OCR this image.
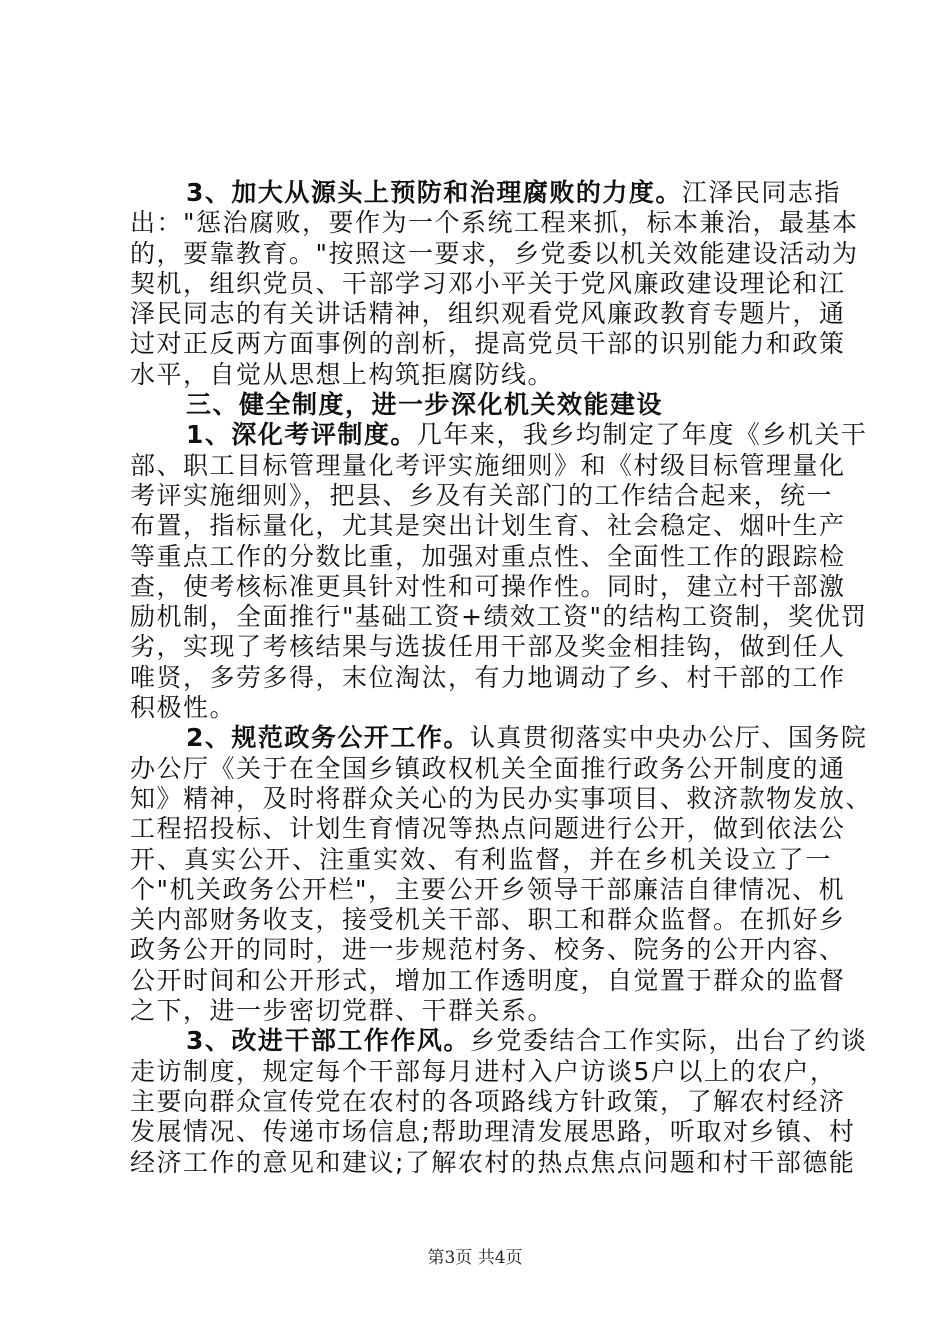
3、加大从源头上预防和治理腐败的力度。江泽民同志指
出："惩治腐败，要作为一个系统工程来抓，标本兼治，最基本
的，要靠教育。"按照这一要求，乡党委以机关效能建设活动为
契机，组织党员、干部学习邓小平关于党风廉政建设理论和江
泽民同志的有关讲话精神，组织观看党风廉政教育专题片，通
过对正反两方面事例的剖析，提高党员干部的识别能力和政策
水平，自觉从思想上构筑拒腐防线。
三、健全制度，进一步深化机关效能建设
1、深化考评制度。几年来，我乡均制定了年度《乡机关干
部、职工目标管理量化考评实施细则》和《村级目标管理量化
考评实施细则》，把县、乡及有关部门的工作结合起来，统一
布置，指标量化，尤其是突出计划生育、社会稳定、烟叶生产
等重点工作的分数比重，加强对重点性、全面性工作的跟踪检
查，使考核标准更具针对性和可操作性。同时，建立村干部激
励机制，全面推行"基础工资+绩效工资"的结构工资制，奖优罚
劣，实现了考核结果与选拔任用干部及奖金相挂钩，做到任人
唯贤，多劳多得，末位淘汰，有力地调动了乡、村干部的工作
积极性。
2、规范政务公开工作。认真贯彻落实中央办公厅、国务院
办公厅《关于在全国乡镇政权机关全面推行政务公开制度的通
知》精神，及时将群众关心的为民办实事项目、救济款物发放、
工程招投标、计划生育情况等热点问题进行公开，做到依法公
开、真实公开、注重实效、有利监督，并在乡机关设立了一
个"机关政务公开栏"，主要公开乡领导干部廉洁自律情况、机
关内部财务收支，接受机关干部、职工和群众监督。在抓好乡
政务公开的同时，进一步规范村务、校务、院务的公开内容、
公开时间和公开形式，增加工作透明度，自觉置于群众的监督
之下，进一步密切党群、干群关系。
3、改进干部工作作风。乡党委结合工作实际，出台了约谈
走访制度，规定每个干部每月进村入户访谈5户以上的农户，
主要向群众宣传党在农村的各项路线方针政策，了解农村经济
发展情况、传递市场信息;帮助理清发展思路，听取对乡镇、村
经济工作的意见和建议;了解农村的热点焦点问题和村干部德能
第3页 共4页
